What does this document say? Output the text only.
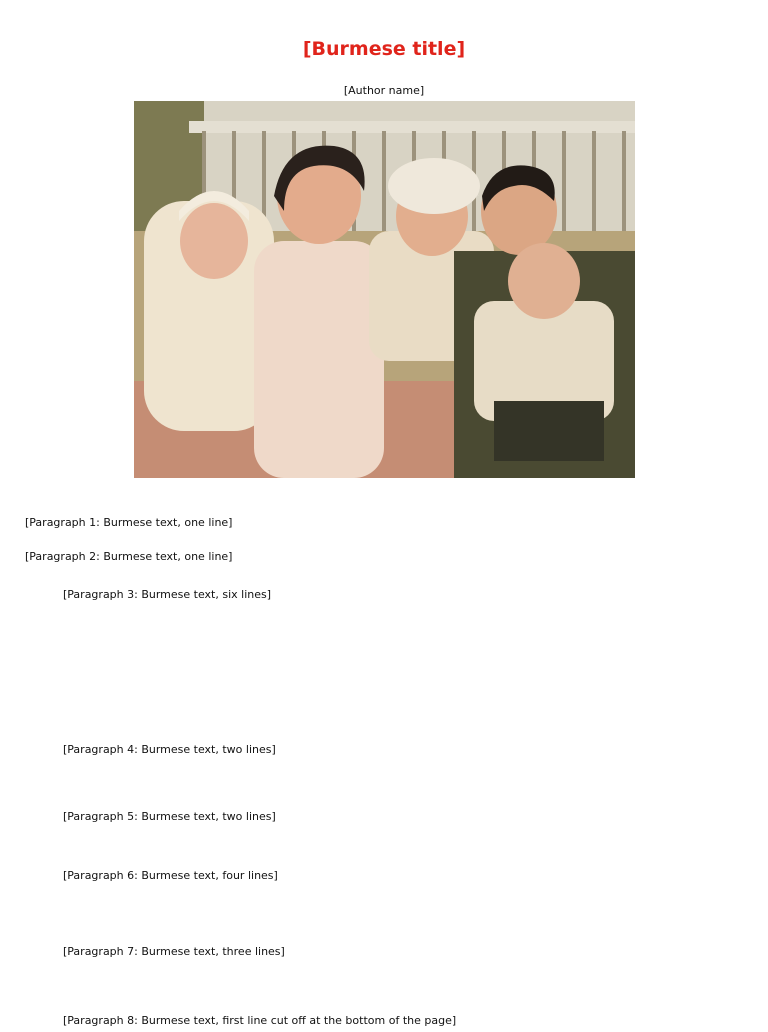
[Burmese title]

[Author name]

[Paragraph 1: Burmese text, one line]

[Paragraph 2: Burmese text, one line]

[Paragraph 3: Burmese text, six lines]

[Paragraph 4: Burmese text, two lines]

[Paragraph 5: Burmese text, two lines]

[Paragraph 6: Burmese text, four lines]

[Paragraph 7: Burmese text, three lines]

[Paragraph 8: Burmese text, first line cut off at the bottom of the page]
